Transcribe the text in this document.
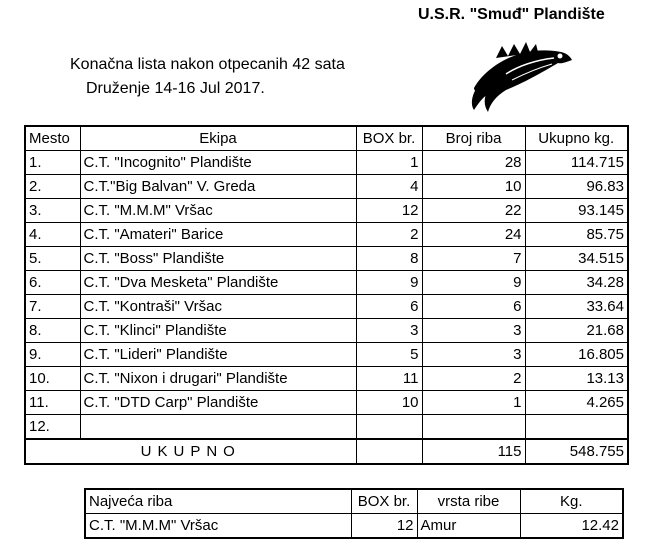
U.S.R. "Smuđ" Plandište
Konačna lista nakon otpecanih 42 sata
Druženje 14-16 Jul 2017.
Mesto	Ekipa	BOX br.	Broj riba	Ukupno kg.
1.	C.T. "Incognito" Plandište	1	28	114.715
2.	C.T."Big Balvan" V. Greda	4	10	96.83
3.	C.T. "M.M.M" Vršac	12	22	93.145
4.	C.T. "Amateri" Barice	2	24	85.75
5.	C.T. "Boss" Plandište	8	7	34.515
6.	C.T. "Dva Mesketa" Plandište	9	9	34.28
7.	C.T. "Kontraši" Vršac	6	6	33.64
8.	C.T. "Klinci" Plandište	3	3	21.68
9.	C.T. "Lideri" Plandište	5	3	16.805
10.	C.T. "Nixon i drugari" Plandište	11	2	13.13
11.	C.T. "DTD Carp" Plandište	10	1	4.265
12.				
UKUPNO			115	548.755
Najveća riba	BOX br.	vrsta ribe	Kg.
C.T. "M.M.M" Vršac	12	Amur	12.42
